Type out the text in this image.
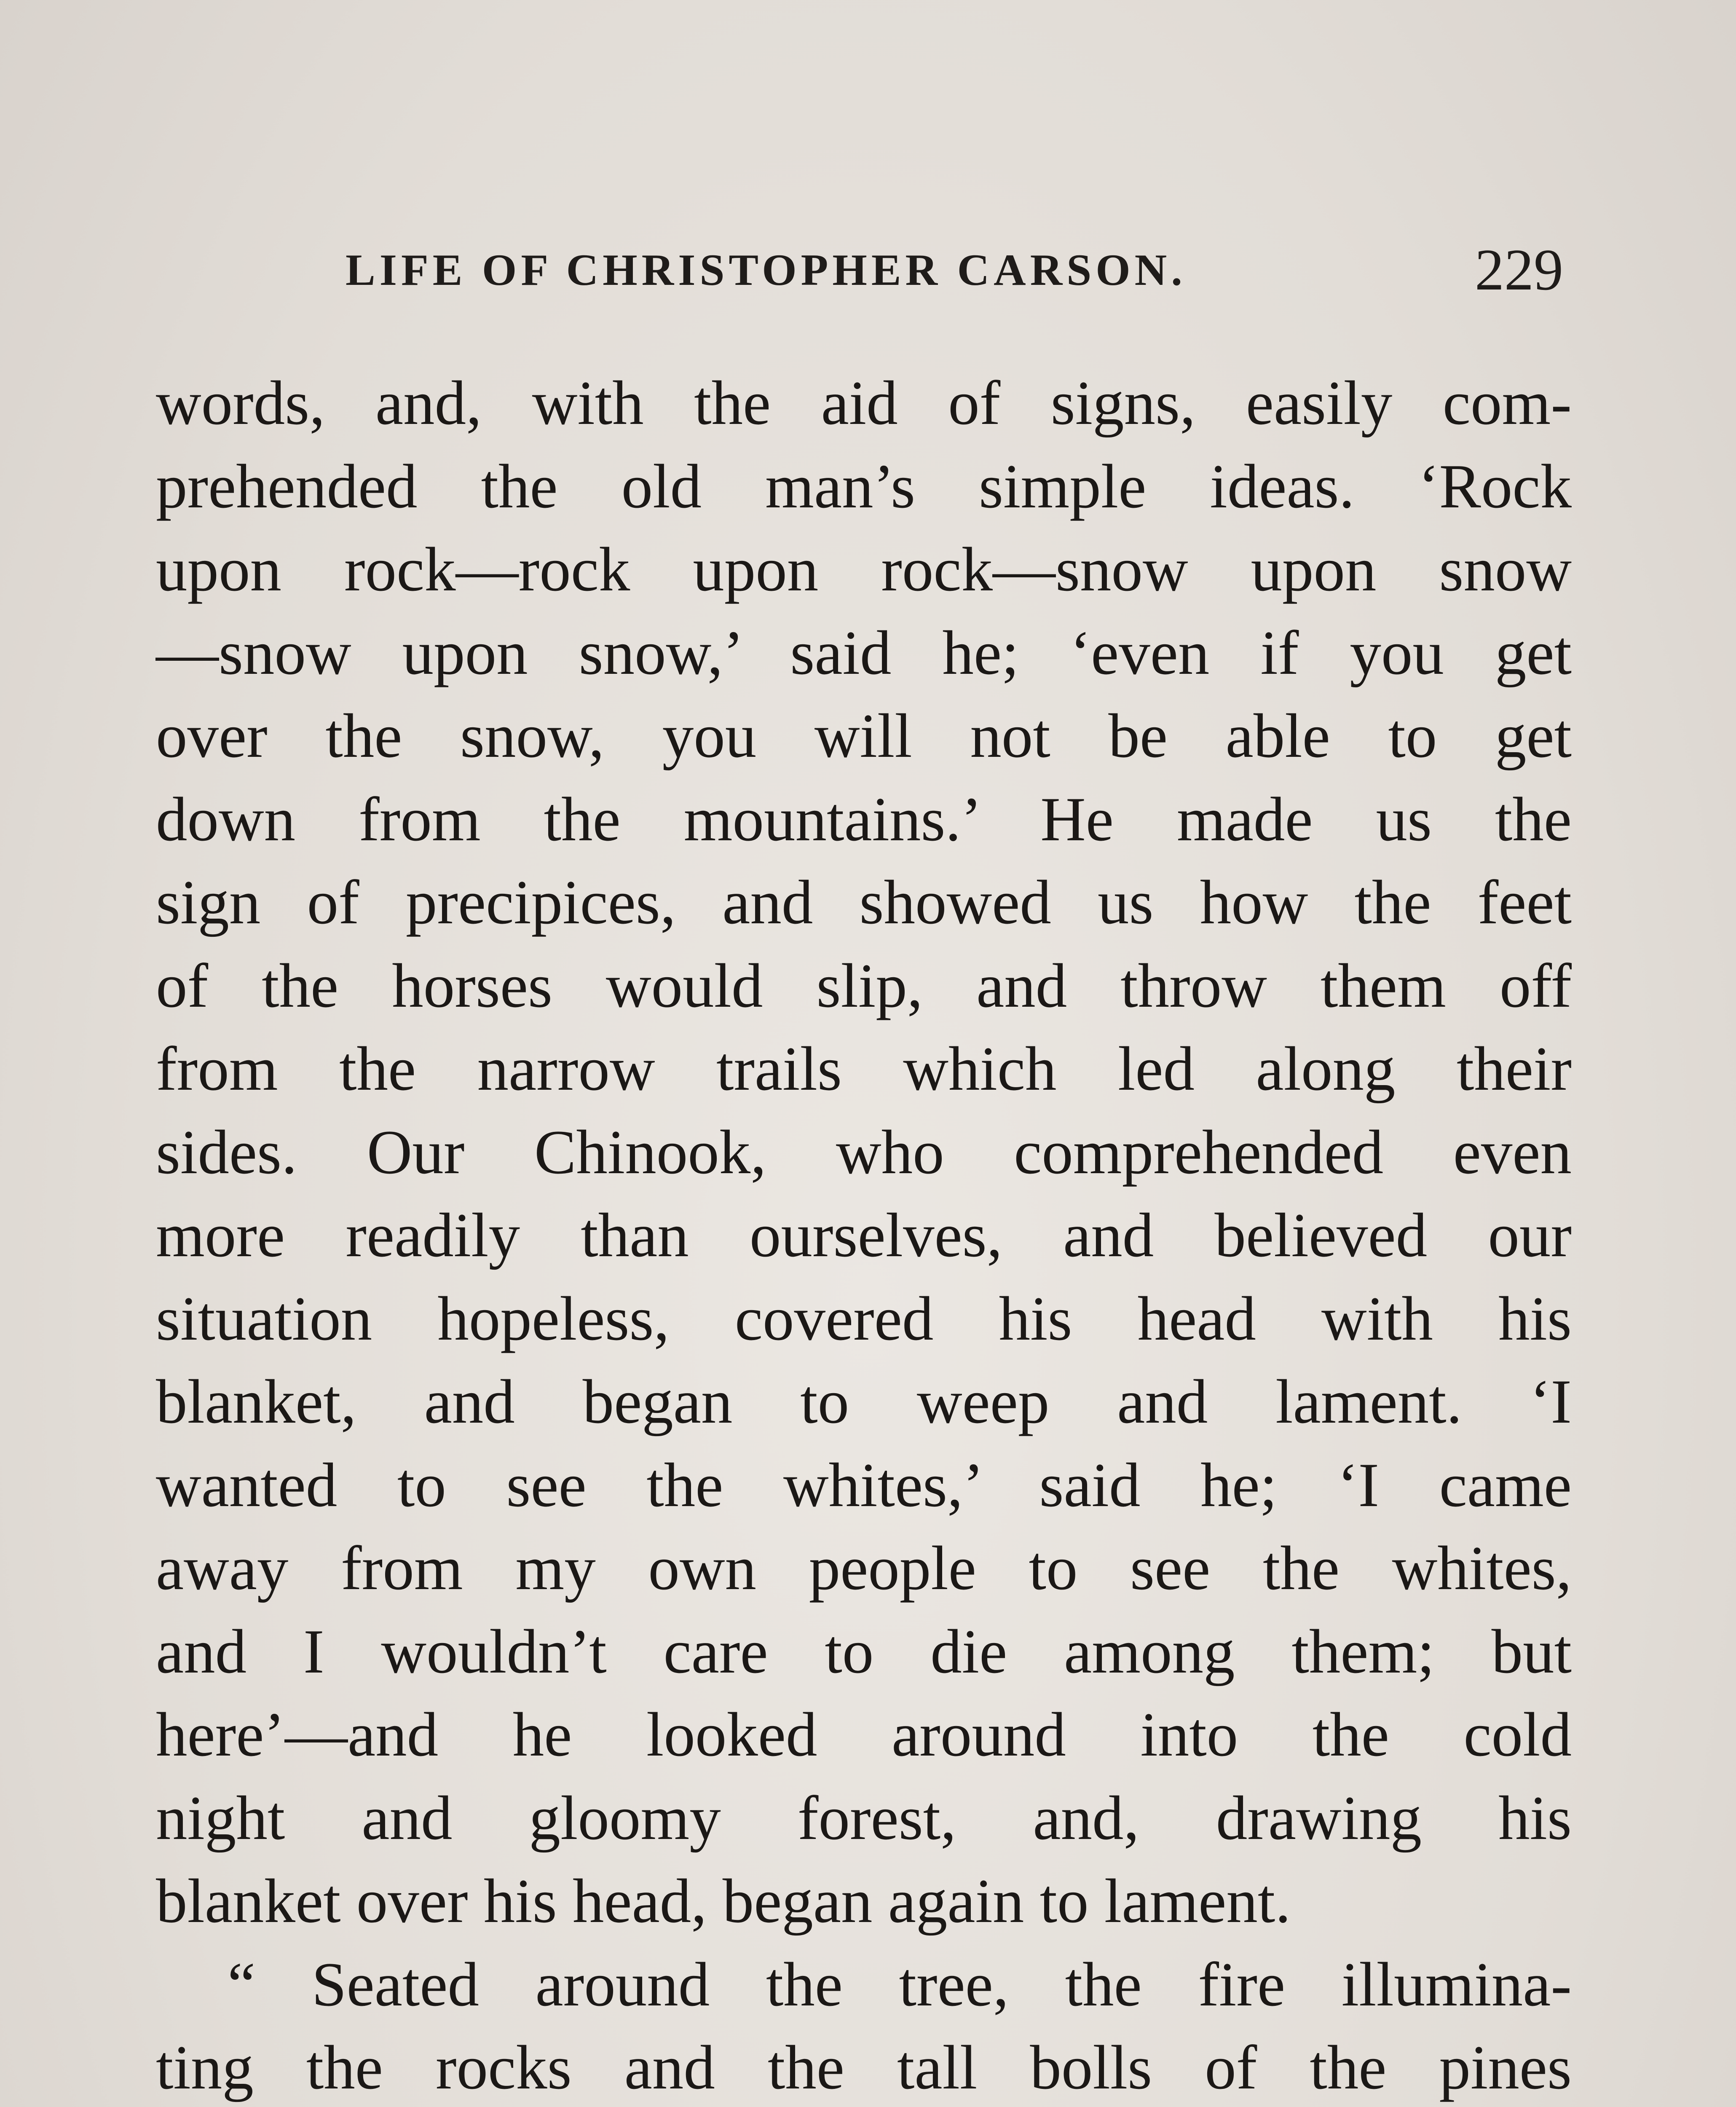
LIFE OF CHRISTOPHER CARSON.	229
words, and, with the aid of signs, easily com-
prehended the old man’s simple ideas. ‘Rock
upon rock—rock upon rock—snow upon snow
—snow upon snow,’ said he; ‘even if you get
over the snow, you will not be able to get
down from the mountains.’ He made us the
sign of precipices, and showed us how the feet
of the horses would slip, and throw them off
from the narrow trails which led along their
sides. Our Chinook, who comprehended even
more readily than ourselves, and believed our
situation hopeless, covered his head with his
blanket, and began to weep and lament. ‘I
wanted to see the whites,’ said he; ‘I came
away from my own people to see the whites,
and I wouldn’t care to die among them; but
here’—and he looked around into the cold
night and gloomy forest, and, drawing his
blanket over his head, began again to lament.
“ Seated around the tree, the fire illumina-
ting the rocks and the tall bolls of the pines
